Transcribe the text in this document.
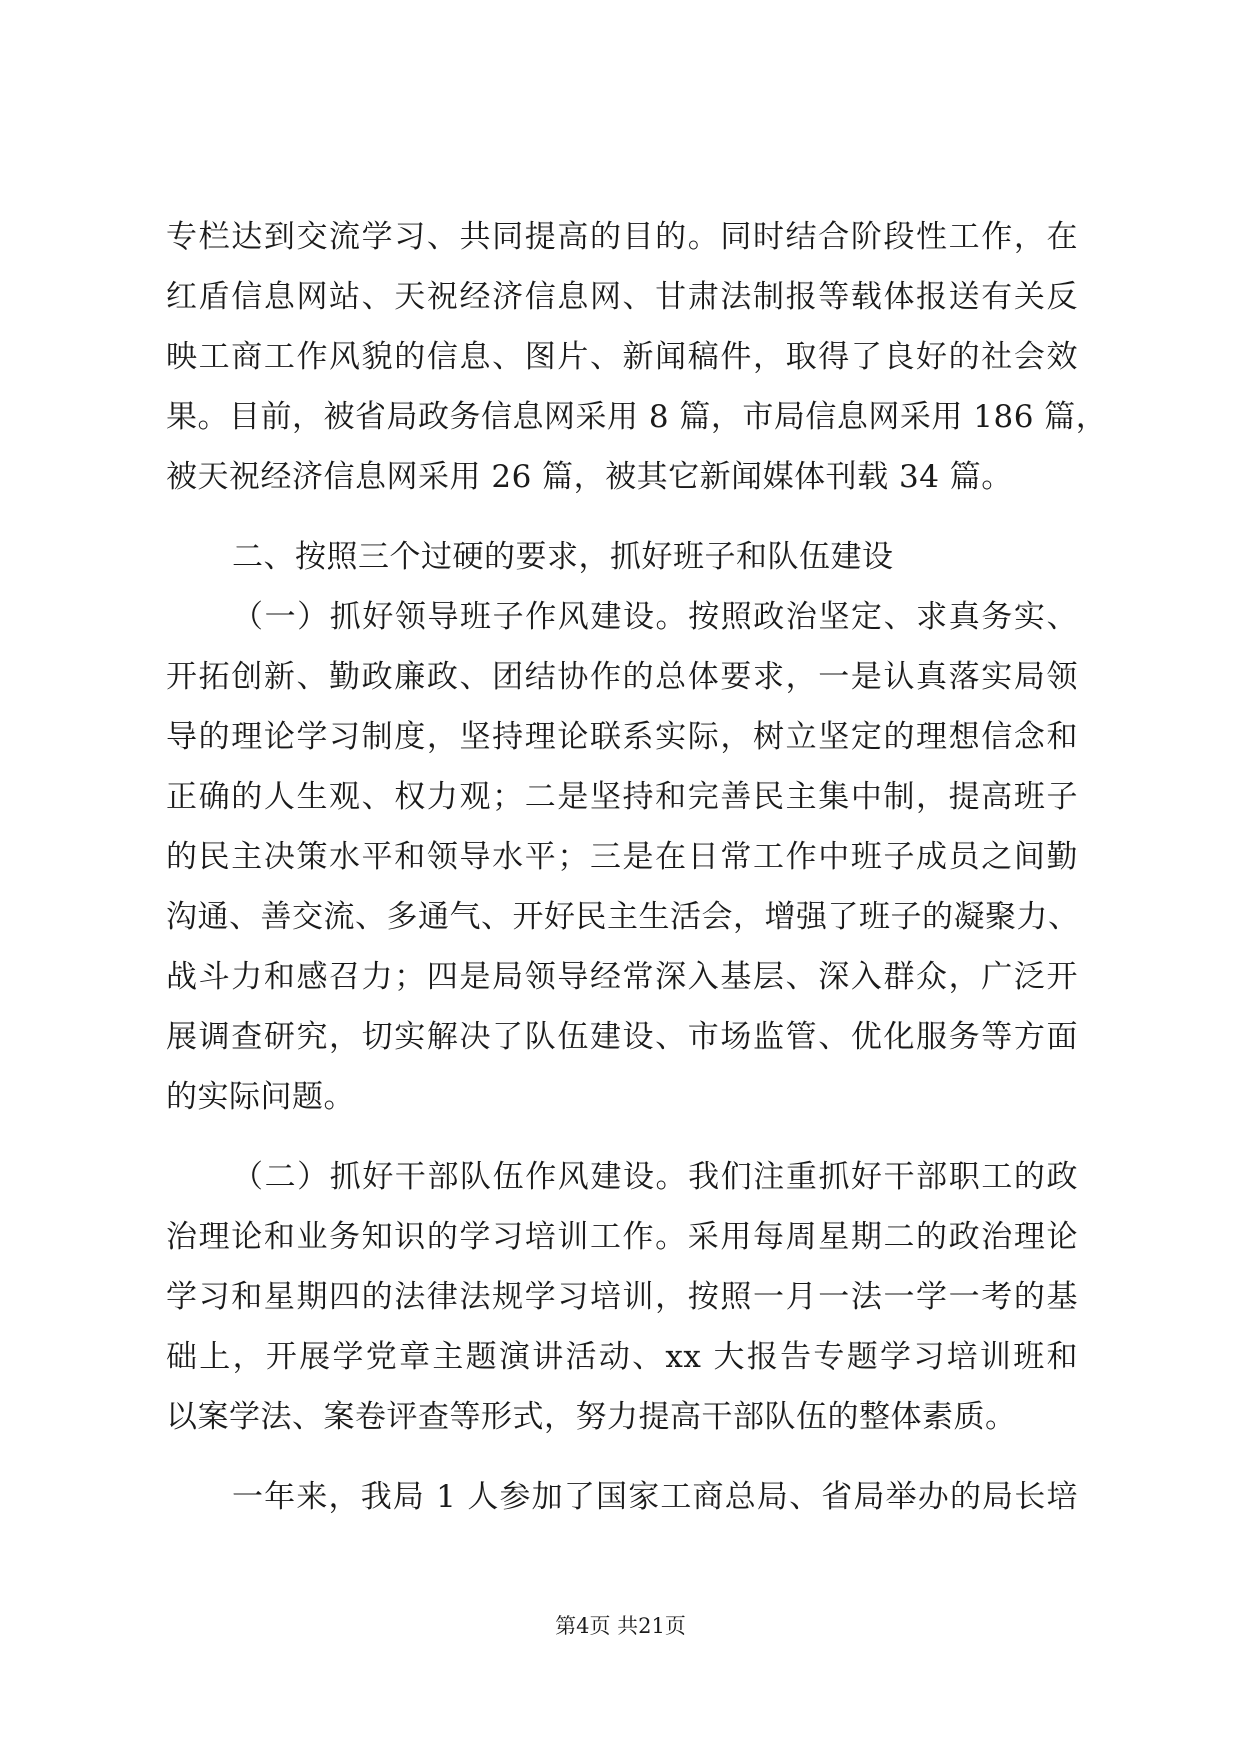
专栏达到交流学习、共同提高的目的。同时结合阶段性工作，在

红盾信息网站、天祝经济信息网、甘肃法制报等载体报送有关反

映工商工作风貌的信息、图片、新闻稿件，取得了良好的社会效

果。目前，被省局政务信息网采用 8 篇，市局信息网采用 186 篇，

被天祝经济信息网采用 26 篇，被其它新闻媒体刊载 34 篇。

二、按照三个过硬的要求，抓好班子和队伍建设

（一）抓好领导班子作风建设。按照政治坚定、求真务实、

开拓创新、勤政廉政、团结协作的总体要求，一是认真落实局领

导的理论学习制度，坚持理论联系实际，树立坚定的理想信念和

正确的人生观、权力观；二是坚持和完善民主集中制，提高班子

的民主决策水平和领导水平；三是在日常工作中班子成员之间勤

沟通、善交流、多通气、开好民主生活会，增强了班子的凝聚力、

战斗力和感召力；四是局领导经常深入基层、深入群众，广泛开

展调查研究，切实解决了队伍建设、市场监管、优化服务等方面

的实际问题。

（二）抓好干部队伍作风建设。我们注重抓好干部职工的政

治理论和业务知识的学习培训工作。采用每周星期二的政治理论

学习和星期四的法律法规学习培训，按照一月一法一学一考的基

础上，开展学党章主题演讲活动、xx 大报告专题学习培训班和

以案学法、案卷评查等形式，努力提高干部队伍的整体素质。

一年来，我局 1 人参加了国家工商总局、省局举办的局长培

第4页 共21页
